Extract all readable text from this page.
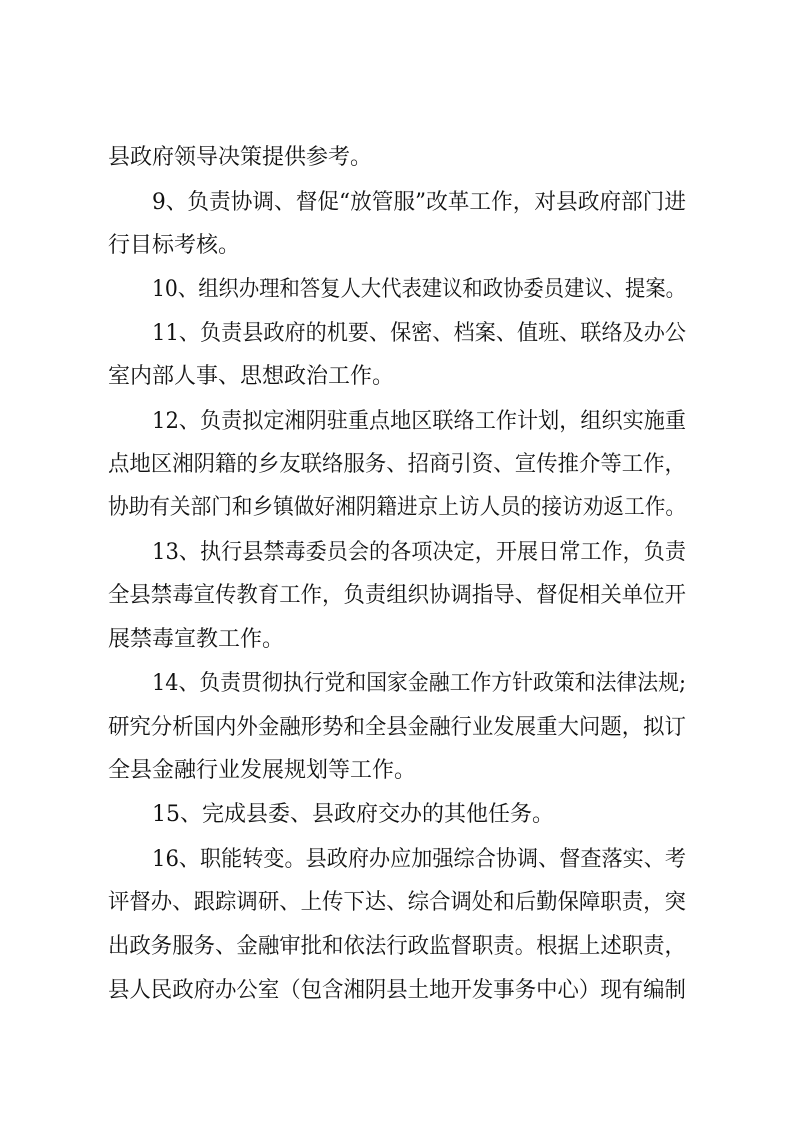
县政府领导决策提供参考。
9、负责协调、督促“放管服”改革工作，对县政府部门进
行目标考核。
10、组织办理和答复人大代表建议和政协委员建议、提案。
11、负责县政府的机要、保密、档案、值班、联络及办公
室内部人事、思想政治工作。
12、负责拟定湘阴驻重点地区联络工作计划，组织实施重
点地区湘阴籍的乡友联络服务、招商引资、宣传推介等工作，
协助有关部门和乡镇做好湘阴籍进京上访人员的接访劝返工作。
13、执行县禁毒委员会的各项决定，开展日常工作，负责
全县禁毒宣传教育工作，负责组织协调指导、督促相关单位开
展禁毒宣教工作。
14、负责贯彻执行党和国家金融工作方针政策和法律法规;
研究分析国内外金融形势和全县金融行业发展重大问题，拟订
全县金融行业发展规划等工作。
15、完成县委、县政府交办的其他任务。
16、职能转变。县政府办应加强综合协调、督查落实、考
评督办、跟踪调研、上传下达、综合调处和后勤保障职责，突
出政务服务、金融审批和依法行政监督职责。根据上述职责，
县人民政府办公室（包含湘阴县土地开发事务中心）现有编制
